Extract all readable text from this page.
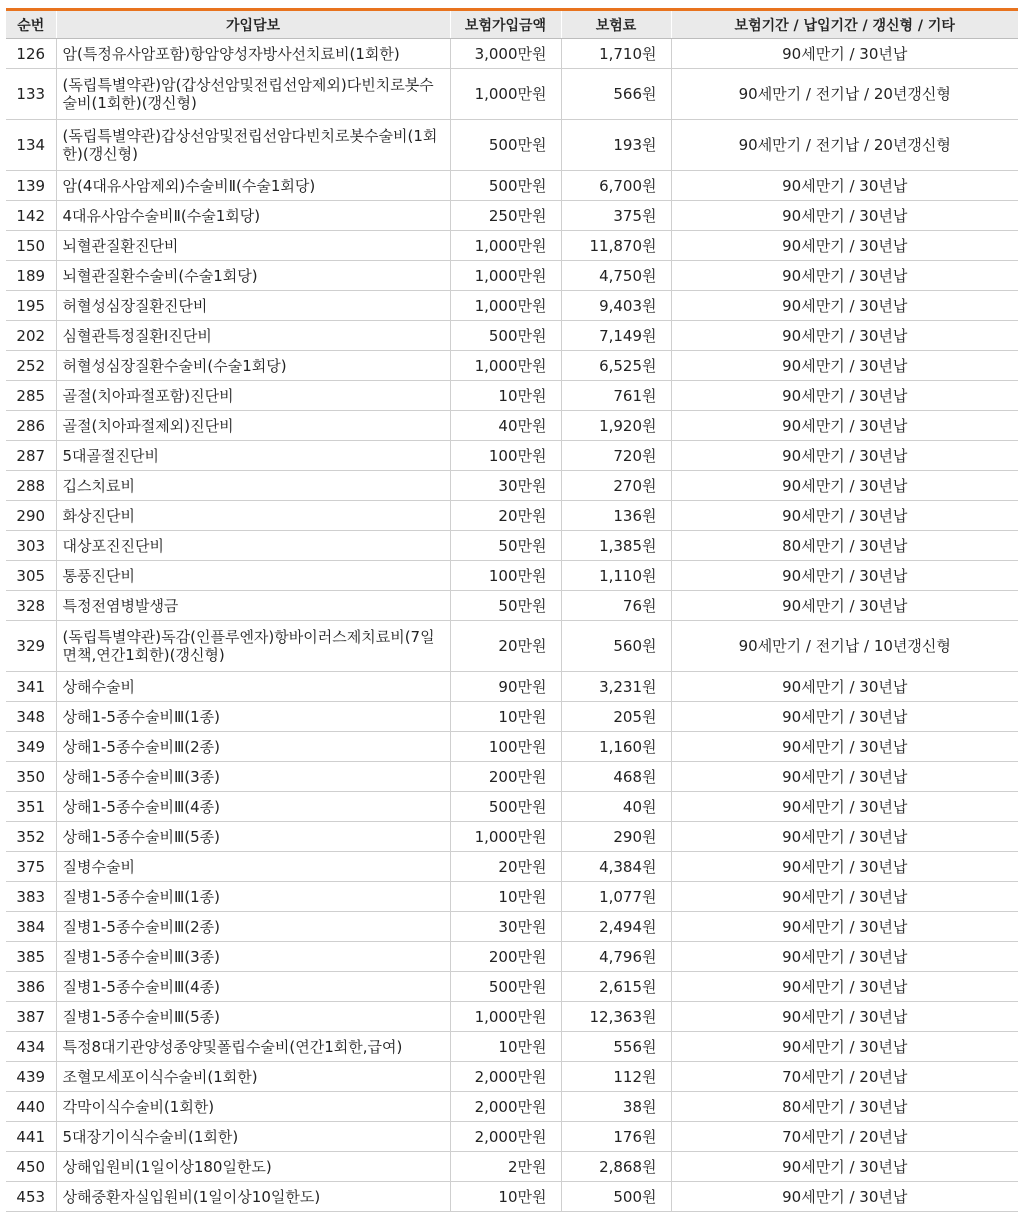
순번	가입담보	보험가입금액	보험료	보험기간 / 납입기간 / 갱신형 / 기타
126	암(특정유사암포함)항암양성자방사선치료비(1회한)	3,000만원	1,710원	90세만기 / 30년납
133	(독립특별약관)암(갑상선암및전립선암제외)다빈치로봇수술비(1회한)(갱신형)	1,000만원	566원	90세만기 / 전기납 / 20년갱신형
134	(독립특별약관)갑상선암및전립선암다빈치로봇수술비(1회한)(갱신형)	500만원	193원	90세만기 / 전기납 / 20년갱신형
139	암(4대유사암제외)수술비Ⅱ(수술1회당)	500만원	6,700원	90세만기 / 30년납
142	4대유사암수술비Ⅱ(수술1회당)	250만원	375원	90세만기 / 30년납
150	뇌혈관질환진단비	1,000만원	11,870원	90세만기 / 30년납
189	뇌혈관질환수술비(수술1회당)	1,000만원	4,750원	90세만기 / 30년납
195	허혈성심장질환진단비	1,000만원	9,403원	90세만기 / 30년납
202	심혈관특정질환Ⅰ진단비	500만원	7,149원	90세만기 / 30년납
252	허혈성심장질환수술비(수술1회당)	1,000만원	6,525원	90세만기 / 30년납
285	골절(치아파절포함)진단비	10만원	761원	90세만기 / 30년납
286	골절(치아파절제외)진단비	40만원	1,920원	90세만기 / 30년납
287	5대골절진단비	100만원	720원	90세만기 / 30년납
288	깁스치료비	30만원	270원	90세만기 / 30년납
290	화상진단비	20만원	136원	90세만기 / 30년납
303	대상포진진단비	50만원	1,385원	80세만기 / 30년납
305	통풍진단비	100만원	1,110원	90세만기 / 30년납
328	특정전염병발생금	50만원	76원	90세만기 / 30년납
329	(독립특별약관)독감(인플루엔자)항바이러스제치료비(7일면책,연간1회한)(갱신형)	20만원	560원	90세만기 / 전기납 / 10년갱신형
341	상해수술비	90만원	3,231원	90세만기 / 30년납
348	상해1-5종수술비Ⅲ(1종)	10만원	205원	90세만기 / 30년납
349	상해1-5종수술비Ⅲ(2종)	100만원	1,160원	90세만기 / 30년납
350	상해1-5종수술비Ⅲ(3종)	200만원	468원	90세만기 / 30년납
351	상해1-5종수술비Ⅲ(4종)	500만원	40원	90세만기 / 30년납
352	상해1-5종수술비Ⅲ(5종)	1,000만원	290원	90세만기 / 30년납
375	질병수술비	20만원	4,384원	90세만기 / 30년납
383	질병1-5종수술비Ⅲ(1종)	10만원	1,077원	90세만기 / 30년납
384	질병1-5종수술비Ⅲ(2종)	30만원	2,494원	90세만기 / 30년납
385	질병1-5종수술비Ⅲ(3종)	200만원	4,796원	90세만기 / 30년납
386	질병1-5종수술비Ⅲ(4종)	500만원	2,615원	90세만기 / 30년납
387	질병1-5종수술비Ⅲ(5종)	1,000만원	12,363원	90세만기 / 30년납
434	특정8대기관양성종양및폴립수술비(연간1회한,급여)	10만원	556원	90세만기 / 30년납
439	조혈모세포이식수술비(1회한)	2,000만원	112원	70세만기 / 20년납
440	각막이식수술비(1회한)	2,000만원	38원	80세만기 / 30년납
441	5대장기이식수술비(1회한)	2,000만원	176원	70세만기 / 20년납
450	상해입원비(1일이상180일한도)	2만원	2,868원	90세만기 / 30년납
453	상해중환자실입원비(1일이상10일한도)	10만원	500원	90세만기 / 30년납
